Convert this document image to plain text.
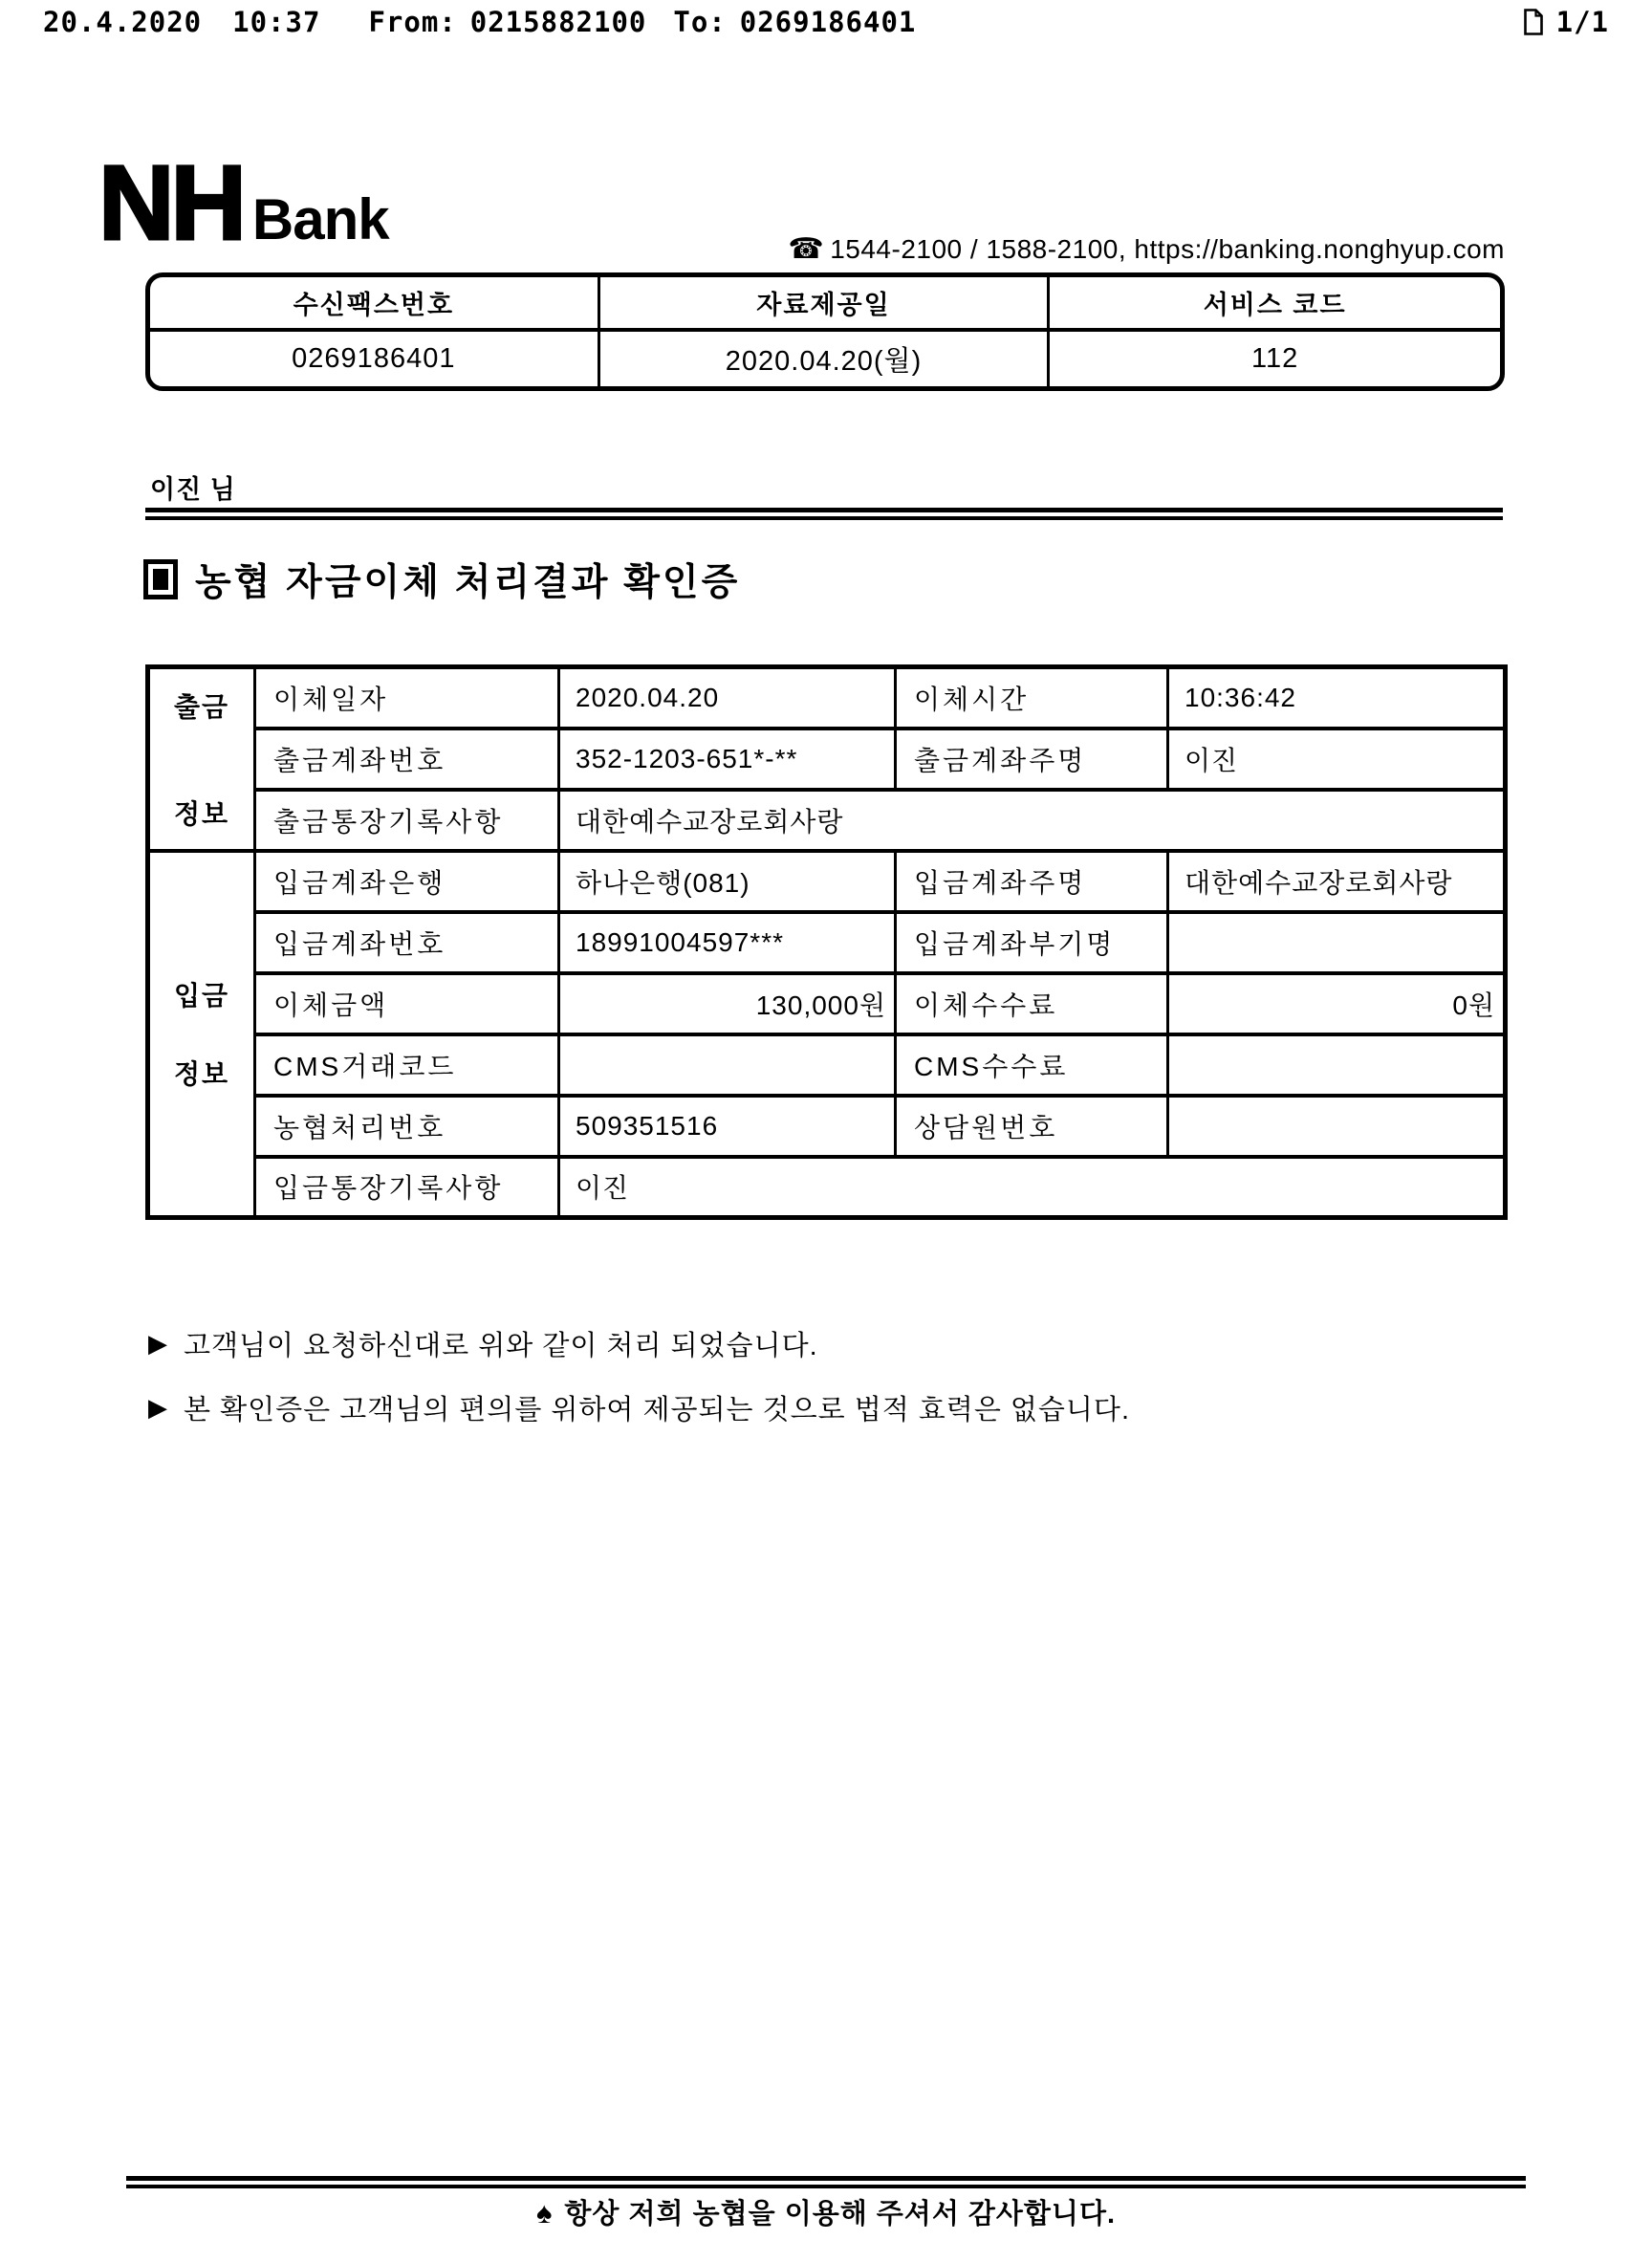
20.4.2020 10:37 From: 0215882100 To: 0269186401	1/1
NH Bank	☎ 1544-2100 / 1588-2100, https://banking.nonghyup.com
수신팩스번호	자료제공일	서비스 코드
0269186401	2020.04.20(월)	112
이진 님
농협 자금이체 처리결과 확인증
출금
정보	이체일자	2020.04.20	이체시간	10:36:42
	출금계좌번호	352-1203-651*-**	출금계좌주명	이진
	출금통장기록사항	대한예수교장로회사랑		

입금
정보	입금계좌은행	하나은행(081)	입금계좌주명	대한예수교장로회사랑
	입금계좌번호	18991004597***	입금계좌부기명	
	이체금액	130,000원	이체수수료	0원
	CMS거래코드		CMS수수료	
	농협처리번호	509351516	상담원번호	
	입금통장기록사항	이진		
▶ 고객님이 요청하신대로 위와 같이 처리 되었습니다.
▶ 본 확인증은 고객님의 편의를 위하여 제공되는 것으로 법적 효력은 없습니다.
♠ 항상 저희 농협을 이용해 주셔서 감사합니다.
